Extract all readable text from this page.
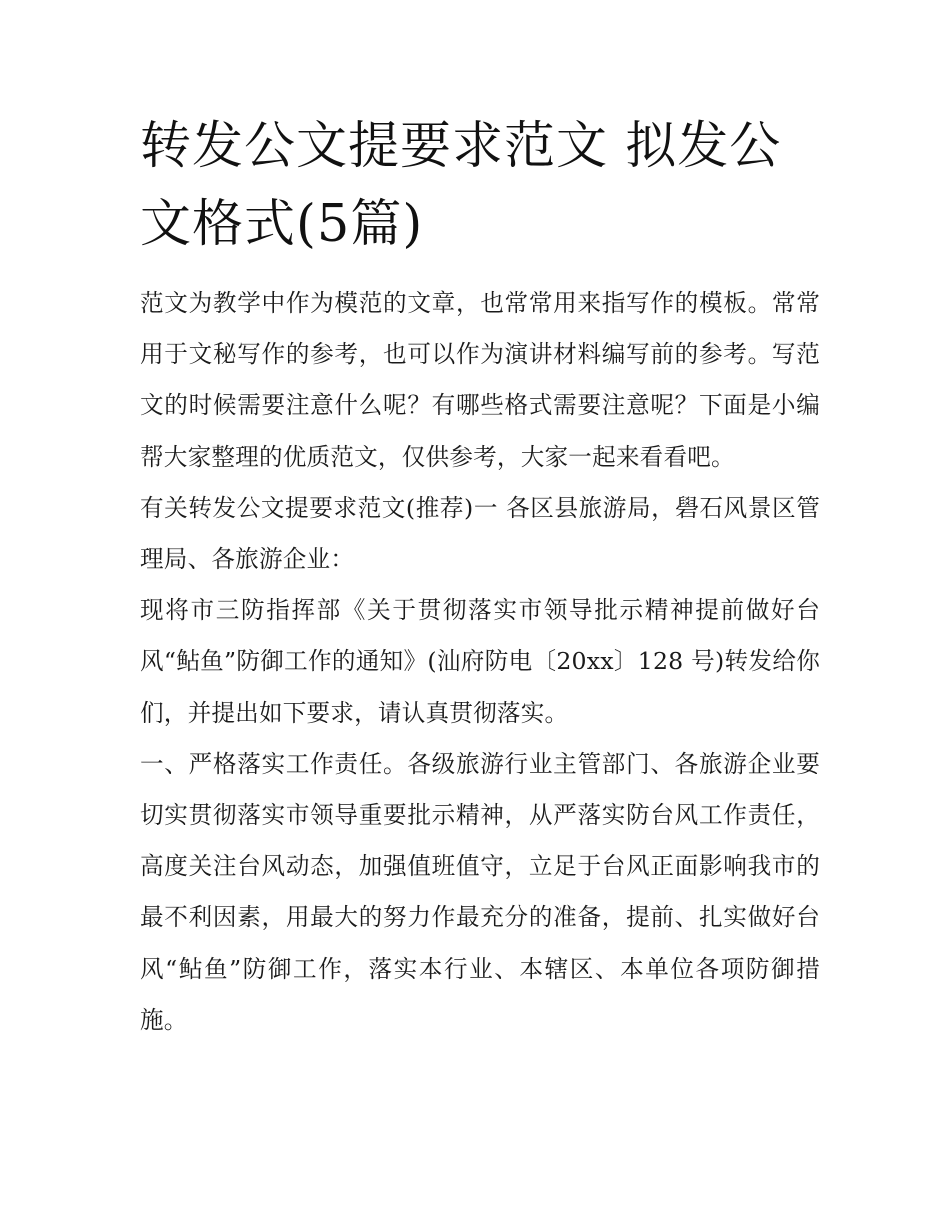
转发公文提要求范文 拟发公文格式(5篇)

范文为教学中作为模范的文章，也常常用来指写作的模板。常常用于文秘写作的参考，也可以作为演讲材料编写前的参考。写范文的时候需要注意什么呢？有哪些格式需要注意呢？下面是小编帮大家整理的优质范文，仅供参考，大家一起来看看吧。

有关转发公文提要求范文(推荐)一 各区县旅游局，礐石风景区管理局、各旅游企业：

现将市三防指挥部《关于贯彻落实市领导批示精神提前做好台风“鲇鱼”防御工作的通知》(汕府防电〔20xx〕128 号)转发给你们，并提出如下要求，请认真贯彻落实。

一、严格落实工作责任。各级旅游行业主管部门、各旅游企业要切实贯彻落实市领导重要批示精神，从严落实防台风工作责任，高度关注台风动态，加强值班值守，立足于台风正面影响我市的最不利因素，用最大的努力作最充分的准备，提前、扎实做好台风“鲇鱼”防御工作，落实本行业、本辖区、本单位各项防御措施。
